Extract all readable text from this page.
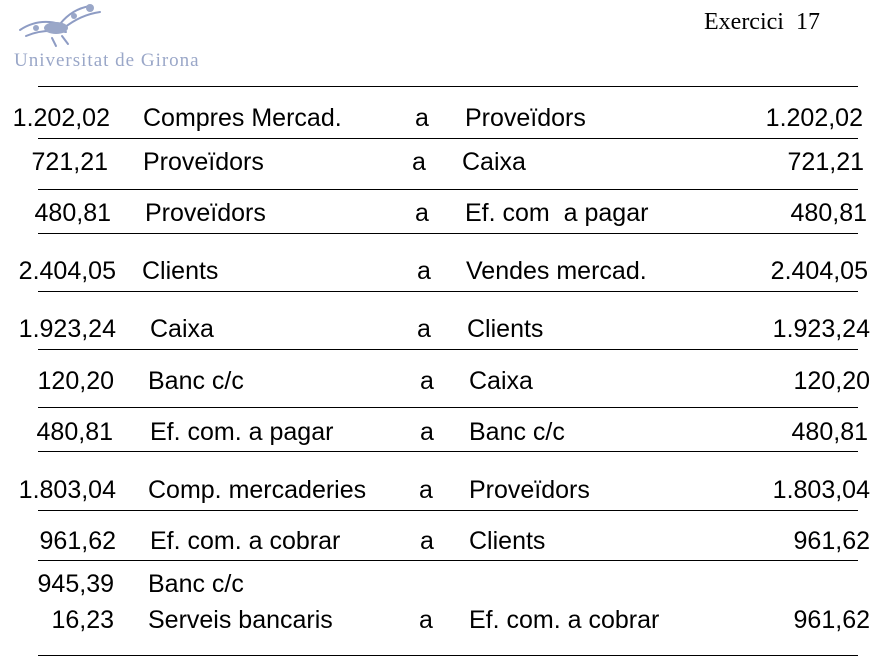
Universitat de Girona
Exercici  17
1.202,02 Compres Mercad.	a Proveïdors	1.202,02
721,21 Proveïdors	a Caixa	721,21
480,81 Proveïdors	a Ef. com  a pagar	480,81
2.404,05 Clients	a Vendes mercad.	2.404,05
1.923,24 Caixa	a Clients	1.923,24
120,20 Banc c/c	a Caixa	120,20
480,81 Ef. com. a pagar	a Banc c/c	480,81
1.803,04 Comp. mercaderies a Proveïdors	1.803,04
961,62 Ef. com. a cobrar	a Clients	961,62
945,39 Banc c/c
16,23 Serveis bancaris	a Ef. com. a cobrar	961,62
